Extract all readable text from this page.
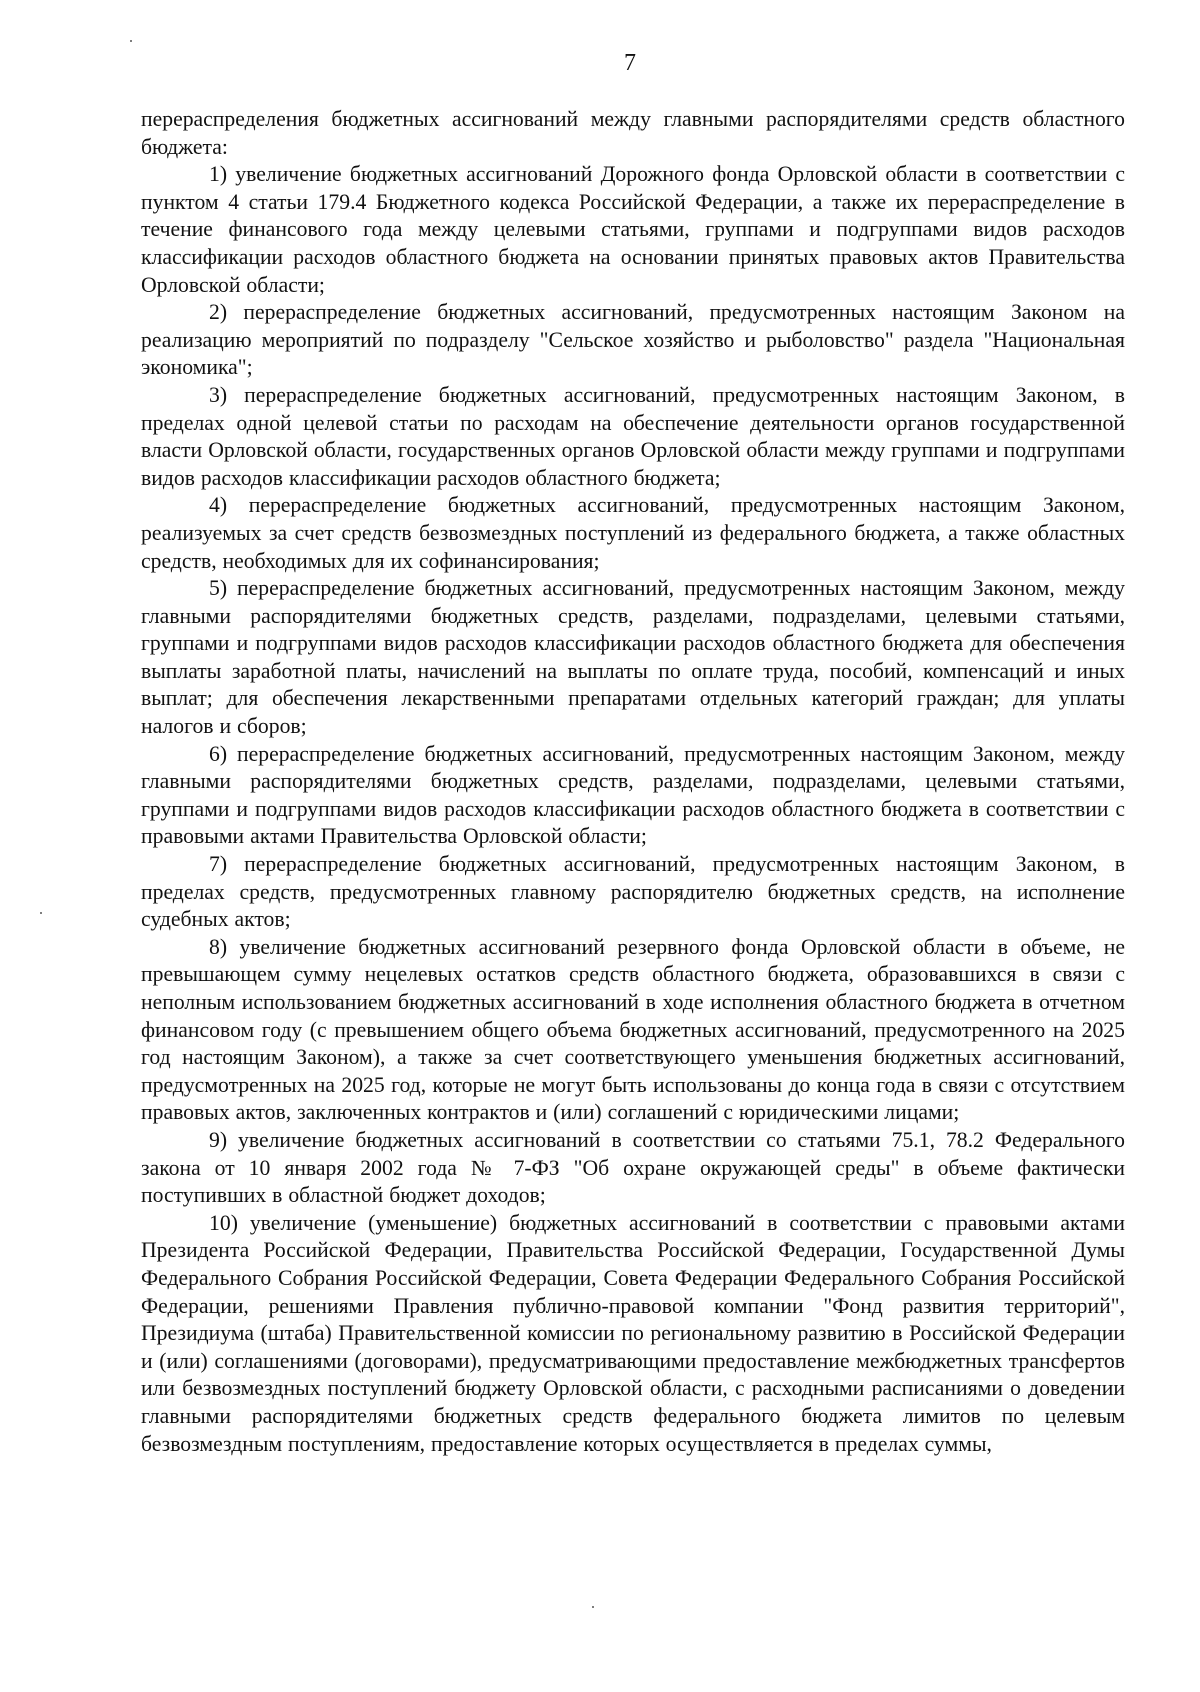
7

перераспределения бюджетных ассигнований между главными распорядителями средств областного бюджета:

1) увеличение бюджетных ассигнований Дорожного фонда Орловской области в соответствии с пунктом 4 статьи 179.4 Бюджетного кодекса Российской Федерации, а также их перераспределение в течение финансового года между целевыми статьями, группами и подгруппами видов расходов классификации расходов областного бюджета на основании принятых правовых актов Правительства Орловской области;

2) перераспределение бюджетных ассигнований, предусмотренных настоящим Законом на реализацию мероприятий по подразделу "Сельское хозяйство и рыболовство" раздела "Национальная экономика";

3) перераспределение бюджетных ассигнований, предусмотренных настоящим Законом, в пределах одной целевой статьи по расходам на обеспечение деятельности органов государственной власти Орловской области, государственных органов Орловской области между группами и подгруппами видов расходов классификации расходов областного бюджета;

4) перераспределение бюджетных ассигнований, предусмотренных настоящим Законом, реализуемых за счет средств безвозмездных поступлений из федерального бюджета, а также областных средств, необходимых для их софинансирования;

5) перераспределение бюджетных ассигнований, предусмотренных настоящим Законом, между главными распорядителями бюджетных средств, разделами, подразделами, целевыми статьями, группами и подгруппами видов расходов классификации расходов областного бюджета для обеспечения выплаты заработной платы, начислений на выплаты по оплате труда, пособий, компенсаций и иных выплат; для обеспечения лекарственными препаратами отдельных категорий граждан; для уплаты налогов и сборов;

6) перераспределение бюджетных ассигнований, предусмотренных настоящим Законом, между главными распорядителями бюджетных средств, разделами, подразделами, целевыми статьями, группами и подгруппами видов расходов классификации расходов областного бюджета в соответствии с правовыми актами Правительства Орловской области;

7) перераспределение бюджетных ассигнований, предусмотренных настоящим Законом, в пределах средств, предусмотренных главному распорядителю бюджетных средств, на исполнение судебных актов;

8) увеличение бюджетных ассигнований резервного фонда Орловской области в объеме, не превышающем сумму нецелевых остатков средств областного бюджета, образовавшихся в связи с неполным использованием бюджетных ассигнований в ходе исполнения областного бюджета в отчетном финансовом году (с превышением общего объема бюджетных ассигнований, предусмотренного на 2025 год настоящим Законом), а также за счет соответствующего уменьшения бюджетных ассигнований, предусмотренных на 2025 год, которые не могут быть использованы до конца года в связи с отсутствием правовых актов, заключенных контрактов и (или) соглашений с юридическими лицами;

9) увеличение бюджетных ассигнований в соответствии со статьями 75.1, 78.2 Федерального закона от 10 января 2002 года № 7-ФЗ "Об охране окружающей среды" в объеме фактически поступивших в областной бюджет доходов;

10) увеличение (уменьшение) бюджетных ассигнований в соответствии с правовыми актами Президента Российской Федерации, Правительства Российской Федерации, Государственной Думы Федерального Собрания Российской Федерации, Совета Федерации Федерального Собрания Российской Федерации, решениями Правления публично-правовой компании "Фонд развития территорий", Президиума (штаба) Правительственной комиссии по региональному развитию в Российской Федерации и (или) соглашениями (договорами), предусматривающими предоставление межбюджетных трансфертов или безвозмездных поступлений бюджету Орловской области, с расходными расписаниями о доведении главными распорядителями бюджетных средств федерального бюджета лимитов по целевым безвозмездным поступлениям, предоставление которых осуществляется в пределах суммы,
